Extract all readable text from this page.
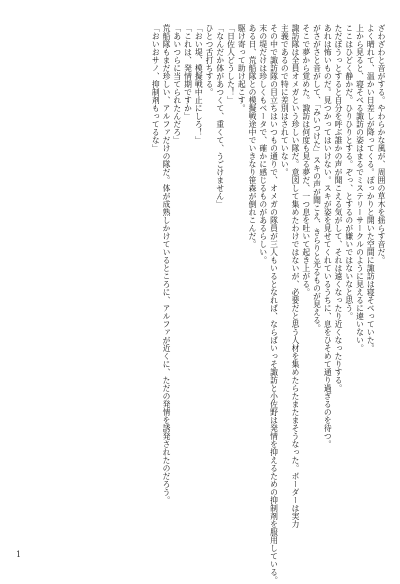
ざわざわと音がする。やわらかな風が、周囲の草木を揺らす音だ。
よく晴れて、温かい日差しが降ってくる。ぽっかりと開いた空間に諏訪は寝そべっていた。
上から見ると、寝そべる諏訪の姿はまるでミステリーサークルのように見えるに違いない。
ここはひどく静かだ。ひりひりとする。ぞっ、とするのが嫌いではないなと思う。
ただぼうっとすると自分を呼ぶ誰かの声が聞こえる気がして、それは遠くなったり近くなったりする。
あれは怖いものだ。見つかってはいけない。スキが姿を見せてくれているうちに、息をひそめて通り過ぎるのを待つ。
がさがさと音がして、「みいつけた」スキの声が聞こえ、きらりと光るものが見える。
そこで夢から覚めた。諏訪は何度も見る夢だ、一つ息を吐いて起き上がる。
諏訪隊は全員オメガという珍しい隊だ。意図して集めたわけではないが、必要だと思う人材を集めたらたまたまそうなった。ボーダーは実力
主義であるので特に差別はされていない。
その中で諏訪隊の目立ちはいつもの通りで、オメガの隊員が三人もいるとなれば、ならばいっそ諏訪と小佐野は発情を抑えるための抑制剤を服用している。
末の堤だけは珍しくもベータで、確かに感じるものがあるらしい。
ある日、荒船隊との模擬戦途中でいきなり笹森が倒れこんだ。
駆け寄って助け起こす。
「日佐人どうした！」
「なんだか体があつくて、重くて、うごけません」
ひとつ舌打ちする。
「おい堤、模擬戦中止にしろ！」
「これは、発情期ですか」
「あいつらに当てられたんだろ」
荒船隊もまだ珍しい、アルファだけの隊だ。体が成熟しかけているところに、アルファが近くに、ただの発情を誘発されたのだろう。
「おいおサノ、抑制剤もってるな」
1
